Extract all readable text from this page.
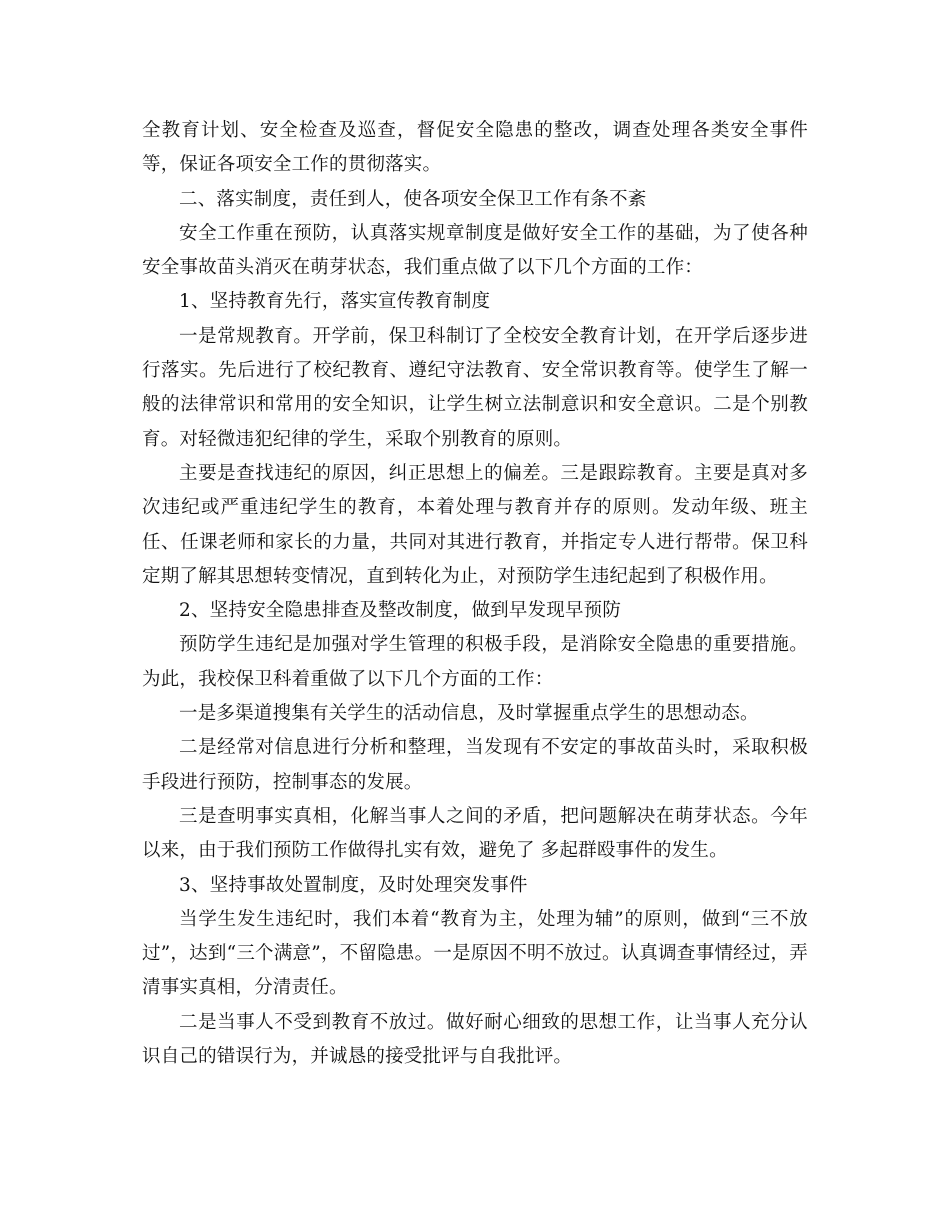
全教育计划、安全检查及巡查，督促安全隐患的整改，调查处理各类安全事件等，保证各项安全工作的贯彻落实。

二、落实制度，责任到人，使各项安全保卫工作有条不紊

安全工作重在预防，认真落实规章制度是做好安全工作的基础，为了使各种安全事故苗头消灭在萌芽状态，我们重点做了以下几个方面的工作：

1、坚持教育先行，落实宣传教育制度

一是常规教育。开学前，保卫科制订了全校安全教育计划，在开学后逐步进行落实。先后进行了校纪教育、遵纪守法教育、安全常识教育等。使学生了解一般的法律常识和常用的安全知识，让学生树立法制意识和安全意识。二是个别教育。对轻微违犯纪律的学生，采取个别教育的原则。

主要是查找违纪的原因，纠正思想上的偏差。三是跟踪教育。主要是真对多次违纪或严重违纪学生的教育，本着处理与教育并存的原则。发动年级、班主任、任课老师和家长的力量，共同对其进行教育，并指定专人进行帮带。保卫科定期了解其思想转变情况，直到转化为止，对预防学生违纪起到了积极作用。

2、坚持安全隐患排查及整改制度，做到早发现早预防

预防学生违纪是加强对学生管理的积极手段，是消除安全隐患的重要措施。为此，我校保卫科着重做了以下几个方面的工作：

一是多渠道搜集有关学生的活动信息，及时掌握重点学生的思想动态。

二是经常对信息进行分析和整理，当发现有不安定的事故苗头时，采取积极手段进行预防，控制事态的发展。

三是查明事实真相，化解当事人之间的矛盾，把问题解决在萌芽状态。今年以来，由于我们预防工作做得扎实有效，避免了 多起群殴事件的发生。

3、坚持事故处置制度，及时处理突发事件

当学生发生违纪时，我们本着“教育为主，处理为辅”的原则，做到“三不放过”，达到“三个满意”，不留隐患。一是原因不明不放过。认真调查事情经过，弄清事实真相，分清责任。

二是当事人不受到教育不放过。做好耐心细致的思想工作，让当事人充分认识自己的错误行为，并诚恳的接受批评与自我批评。
